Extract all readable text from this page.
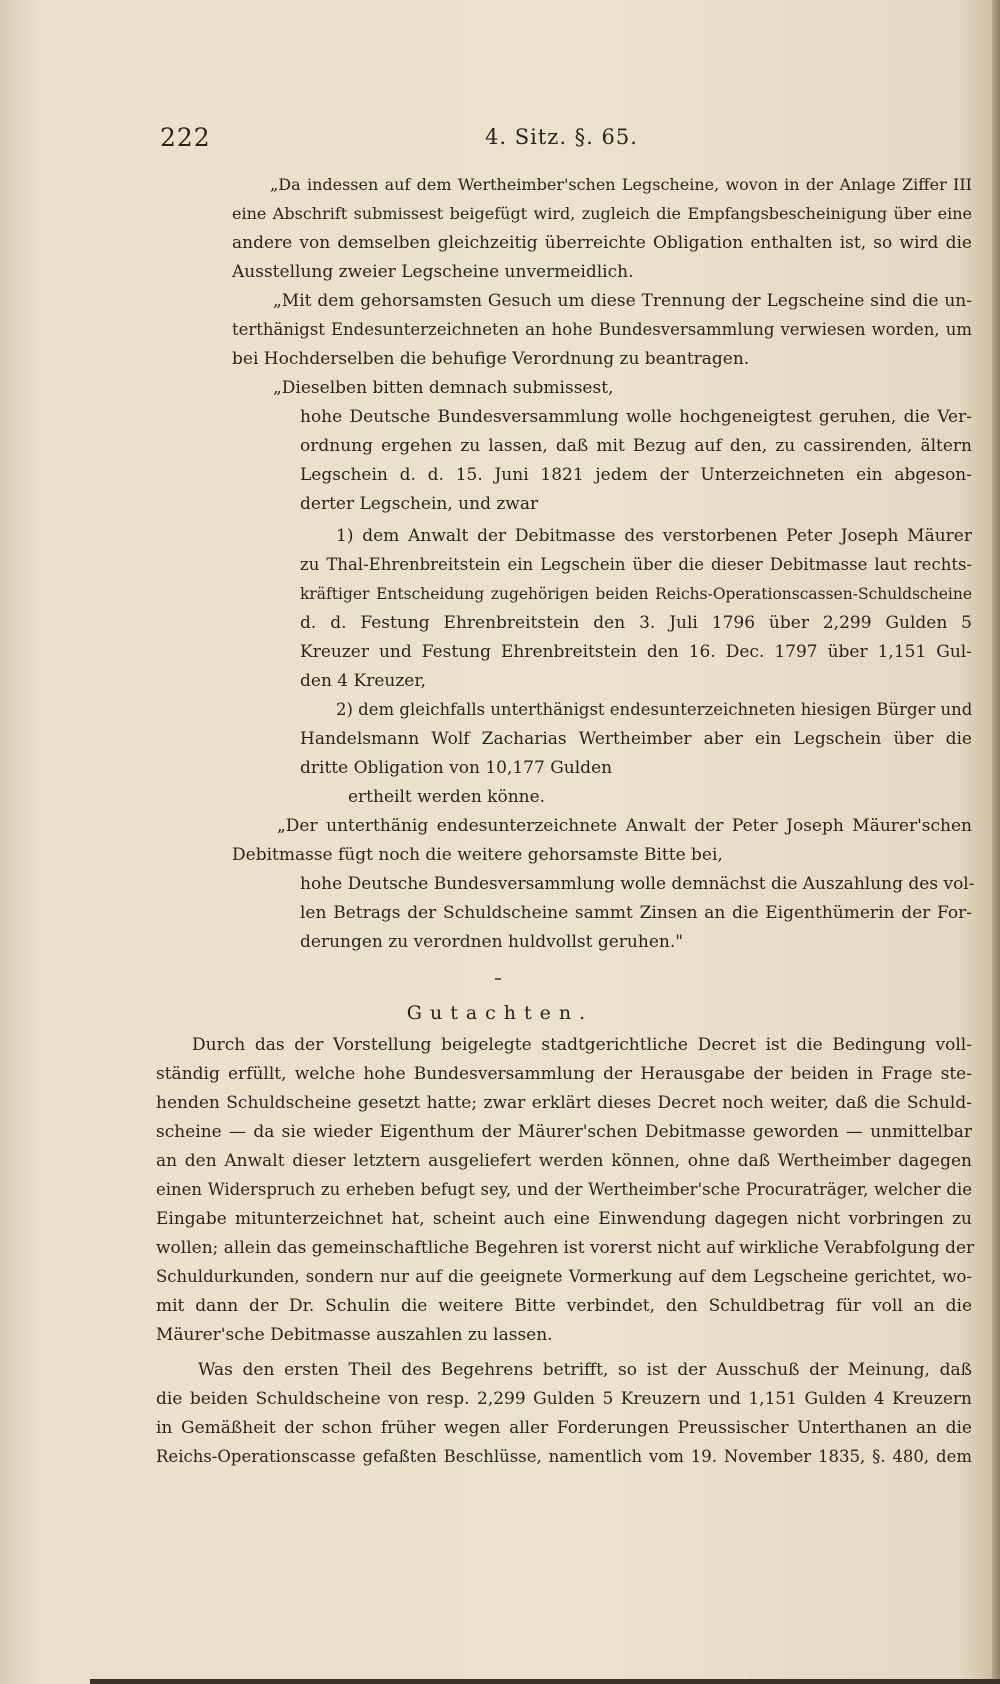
222	4. Sitz. §. 65.
„Da indessen auf dem Wertheimber'schen Legscheine, wovon in der Anlage Ziffer III
eine Abschrift submissest beigefügt wird, zugleich die Empfangsbescheinigung über eine
andere von demselben gleichzeitig überreichte Obligation enthalten ist, so wird die
Ausstellung zweier Legscheine unvermeidlich.
„Mit dem gehorsamsten Gesuch um diese Trennung der Legscheine sind die un-
terthänigst Endesunterzeichneten an hohe Bundesversammlung verwiesen worden, um
bei Hochderselben die behufige Verordnung zu beantragen.
„Dieselben bitten demnach submissest,
hohe Deutsche Bundesversammlung wolle hochgeneigtest geruhen, die Ver-
ordnung ergehen zu lassen, daß mit Bezug auf den, zu cassirenden, ältern
Legschein d. d. 15. Juni 1821 jedem der Unterzeichneten ein abgeson-
derter Legschein, und zwar
1) dem Anwalt der Debitmasse des verstorbenen Peter Joseph Mäurer
zu Thal-Ehrenbreitstein ein Legschein über die dieser Debitmasse laut rechts-
kräftiger Entscheidung zugehörigen beiden Reichs-Operationscassen-Schuldscheine
d. d. Festung Ehrenbreitstein den 3. Juli 1796 über 2,299 Gulden 5
Kreuzer und Festung Ehrenbreitstein den 16. Dec. 1797 über 1,151 Gul-
den 4 Kreuzer,
2) dem gleichfalls unterthänigst endesunterzeichneten hiesigen Bürger und
Handelsmann Wolf Zacharias Wertheimber aber ein Legschein über die
dritte Obligation von 10,177 Gulden
ertheilt werden könne.
„Der unterthänig endesunterzeichnete Anwalt der Peter Joseph Mäurer'schen
Debitmasse fügt noch die weitere gehorsamste Bitte bei,
hohe Deutsche Bundesversammlung wolle demnächst die Auszahlung des vol-
len Betrags der Schuldscheine sammt Zinsen an die Eigenthümerin der For-
derungen zu verordnen huldvollst geruhen."
Gutachten.
Durch das der Vorstellung beigelegte stadtgerichtliche Decret ist die Bedingung voll-
ständig erfüllt, welche hohe Bundesversammlung der Herausgabe der beiden in Frage ste-
henden Schuldscheine gesetzt hatte; zwar erklärt dieses Decret noch weiter, daß die Schuld-
scheine — da sie wieder Eigenthum der Mäurer'schen Debitmasse geworden — unmittelbar
an den Anwalt dieser letztern ausgeliefert werden können, ohne daß Wertheimber dagegen
einen Widerspruch zu erheben befugt sey, und der Wertheimber'sche Procuraträger, welcher die
Eingabe mitunterzeichnet hat, scheint auch eine Einwendung dagegen nicht vorbringen zu
wollen; allein das gemeinschaftliche Begehren ist vorerst nicht auf wirkliche Verabfolgung der
Schuldurkunden, sondern nur auf die geeignete Vormerkung auf dem Legscheine gerichtet, wo-
mit dann der Dr. Schulin die weitere Bitte verbindet, den Schuldbetrag für voll an die
Mäurer'sche Debitmasse auszahlen zu lassen.
Was den ersten Theil des Begehrens betrifft, so ist der Ausschuß der Meinung, daß
die beiden Schuldscheine von resp. 2,299 Gulden 5 Kreuzern und 1,151 Gulden 4 Kreuzern
in Gemäßheit der schon früher wegen aller Forderungen Preussischer Unterthanen an die
Reichs-Operationscasse gefaßten Beschlüsse, namentlich vom 19. November 1835, §. 480, dem
